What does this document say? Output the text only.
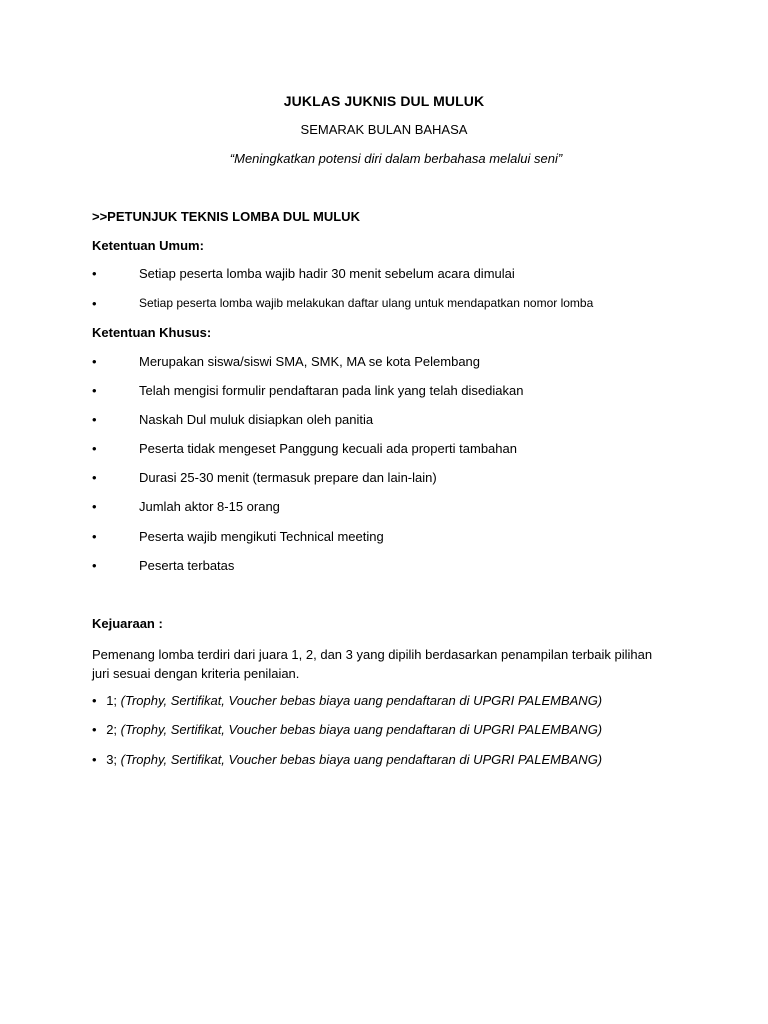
JUKLAS JUKNIS DUL MULUK
SEMARAK BULAN BAHASA
“Meningkatkan potensi diri dalam berbahasa melalui seni”
>>PETUNJUK TEKNIS LOMBA DUL MULUK
Ketentuan Umum:
•	Setiap peserta lomba wajib hadir 30 menit sebelum acara dimulai
•	Setiap peserta lomba wajib melakukan daftar ulang untuk mendapatkan nomor lomba
Ketentuan Khusus:
•	Merupakan siswa/siswi SMA, SMK, MA se kota Pelembang
•	Telah mengisi formulir pendaftaran pada link yang telah disediakan
•	Naskah Dul muluk disiapkan oleh panitia
•	Peserta tidak mengeset Panggung kecuali ada properti tambahan
•	Durasi 25-30 menit (termasuk prepare dan lain-lain)
•	Jumlah aktor 8-15 orang
•	Peserta wajib mengikuti Technical meeting
•	Peserta terbatas
Kejuaraan :
Pemenang lomba terdiri dari juara 1, 2, dan 3 yang dipilih berdasarkan penampilan terbaik pilihan juri sesuai dengan kriteria penilaian.
• 1; (Trophy, Sertifikat, Voucher bebas biaya uang pendaftaran di UPGRI PALEMBANG)
• 2; (Trophy, Sertifikat, Voucher bebas biaya uang pendaftaran di UPGRI PALEMBANG)
• 3; (Trophy, Sertifikat, Voucher bebas biaya uang pendaftaran di UPGRI PALEMBANG)
